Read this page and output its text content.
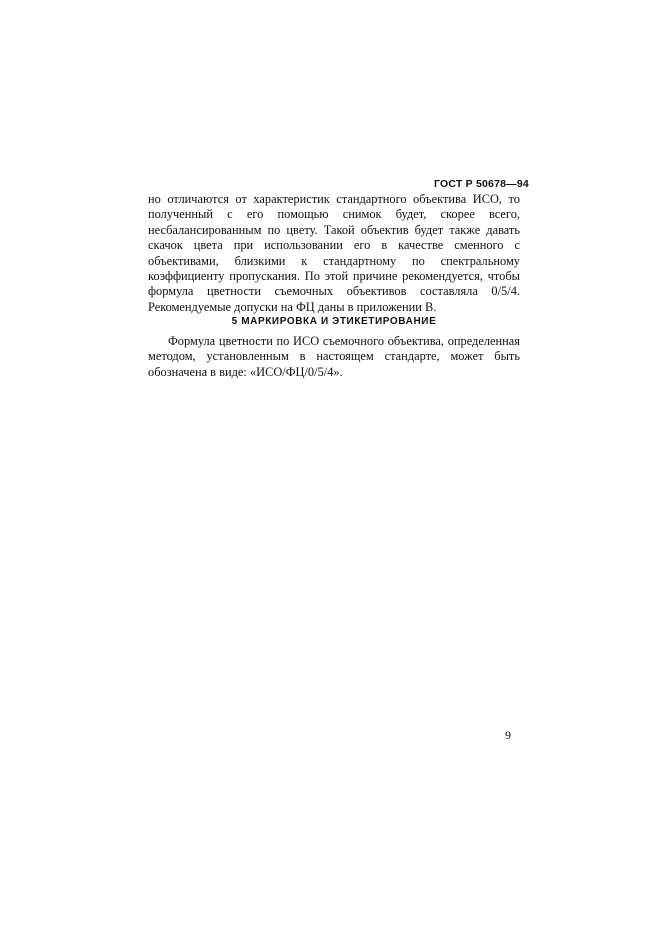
ГОСТ Р 50678—94

но отличаются от характеристик стандартного объектива ИСО, то полученный с его помощью снимок будет, скорее всего, несбалансированным по цвету. Такой объектив будет также давать скачок цвета при использовании его в качестве сменного с объективами, близкими к стандартному по спектральному коэффициенту пропускания. По этой причине рекомендуется, чтобы формула цветности съемочных объективов составляла 0/5/4. Рекомендуемые допуски на ФЦ даны в приложении В.

5 МАРКИРОВКА И ЭТИКЕТИРОВАНИЕ

Формула цветности по ИСО съемочного объектива, определенная методом, установленным в настоящем стандарте, может быть обозначена в виде: «ИСО/ФЦ/0/5/4».

9
